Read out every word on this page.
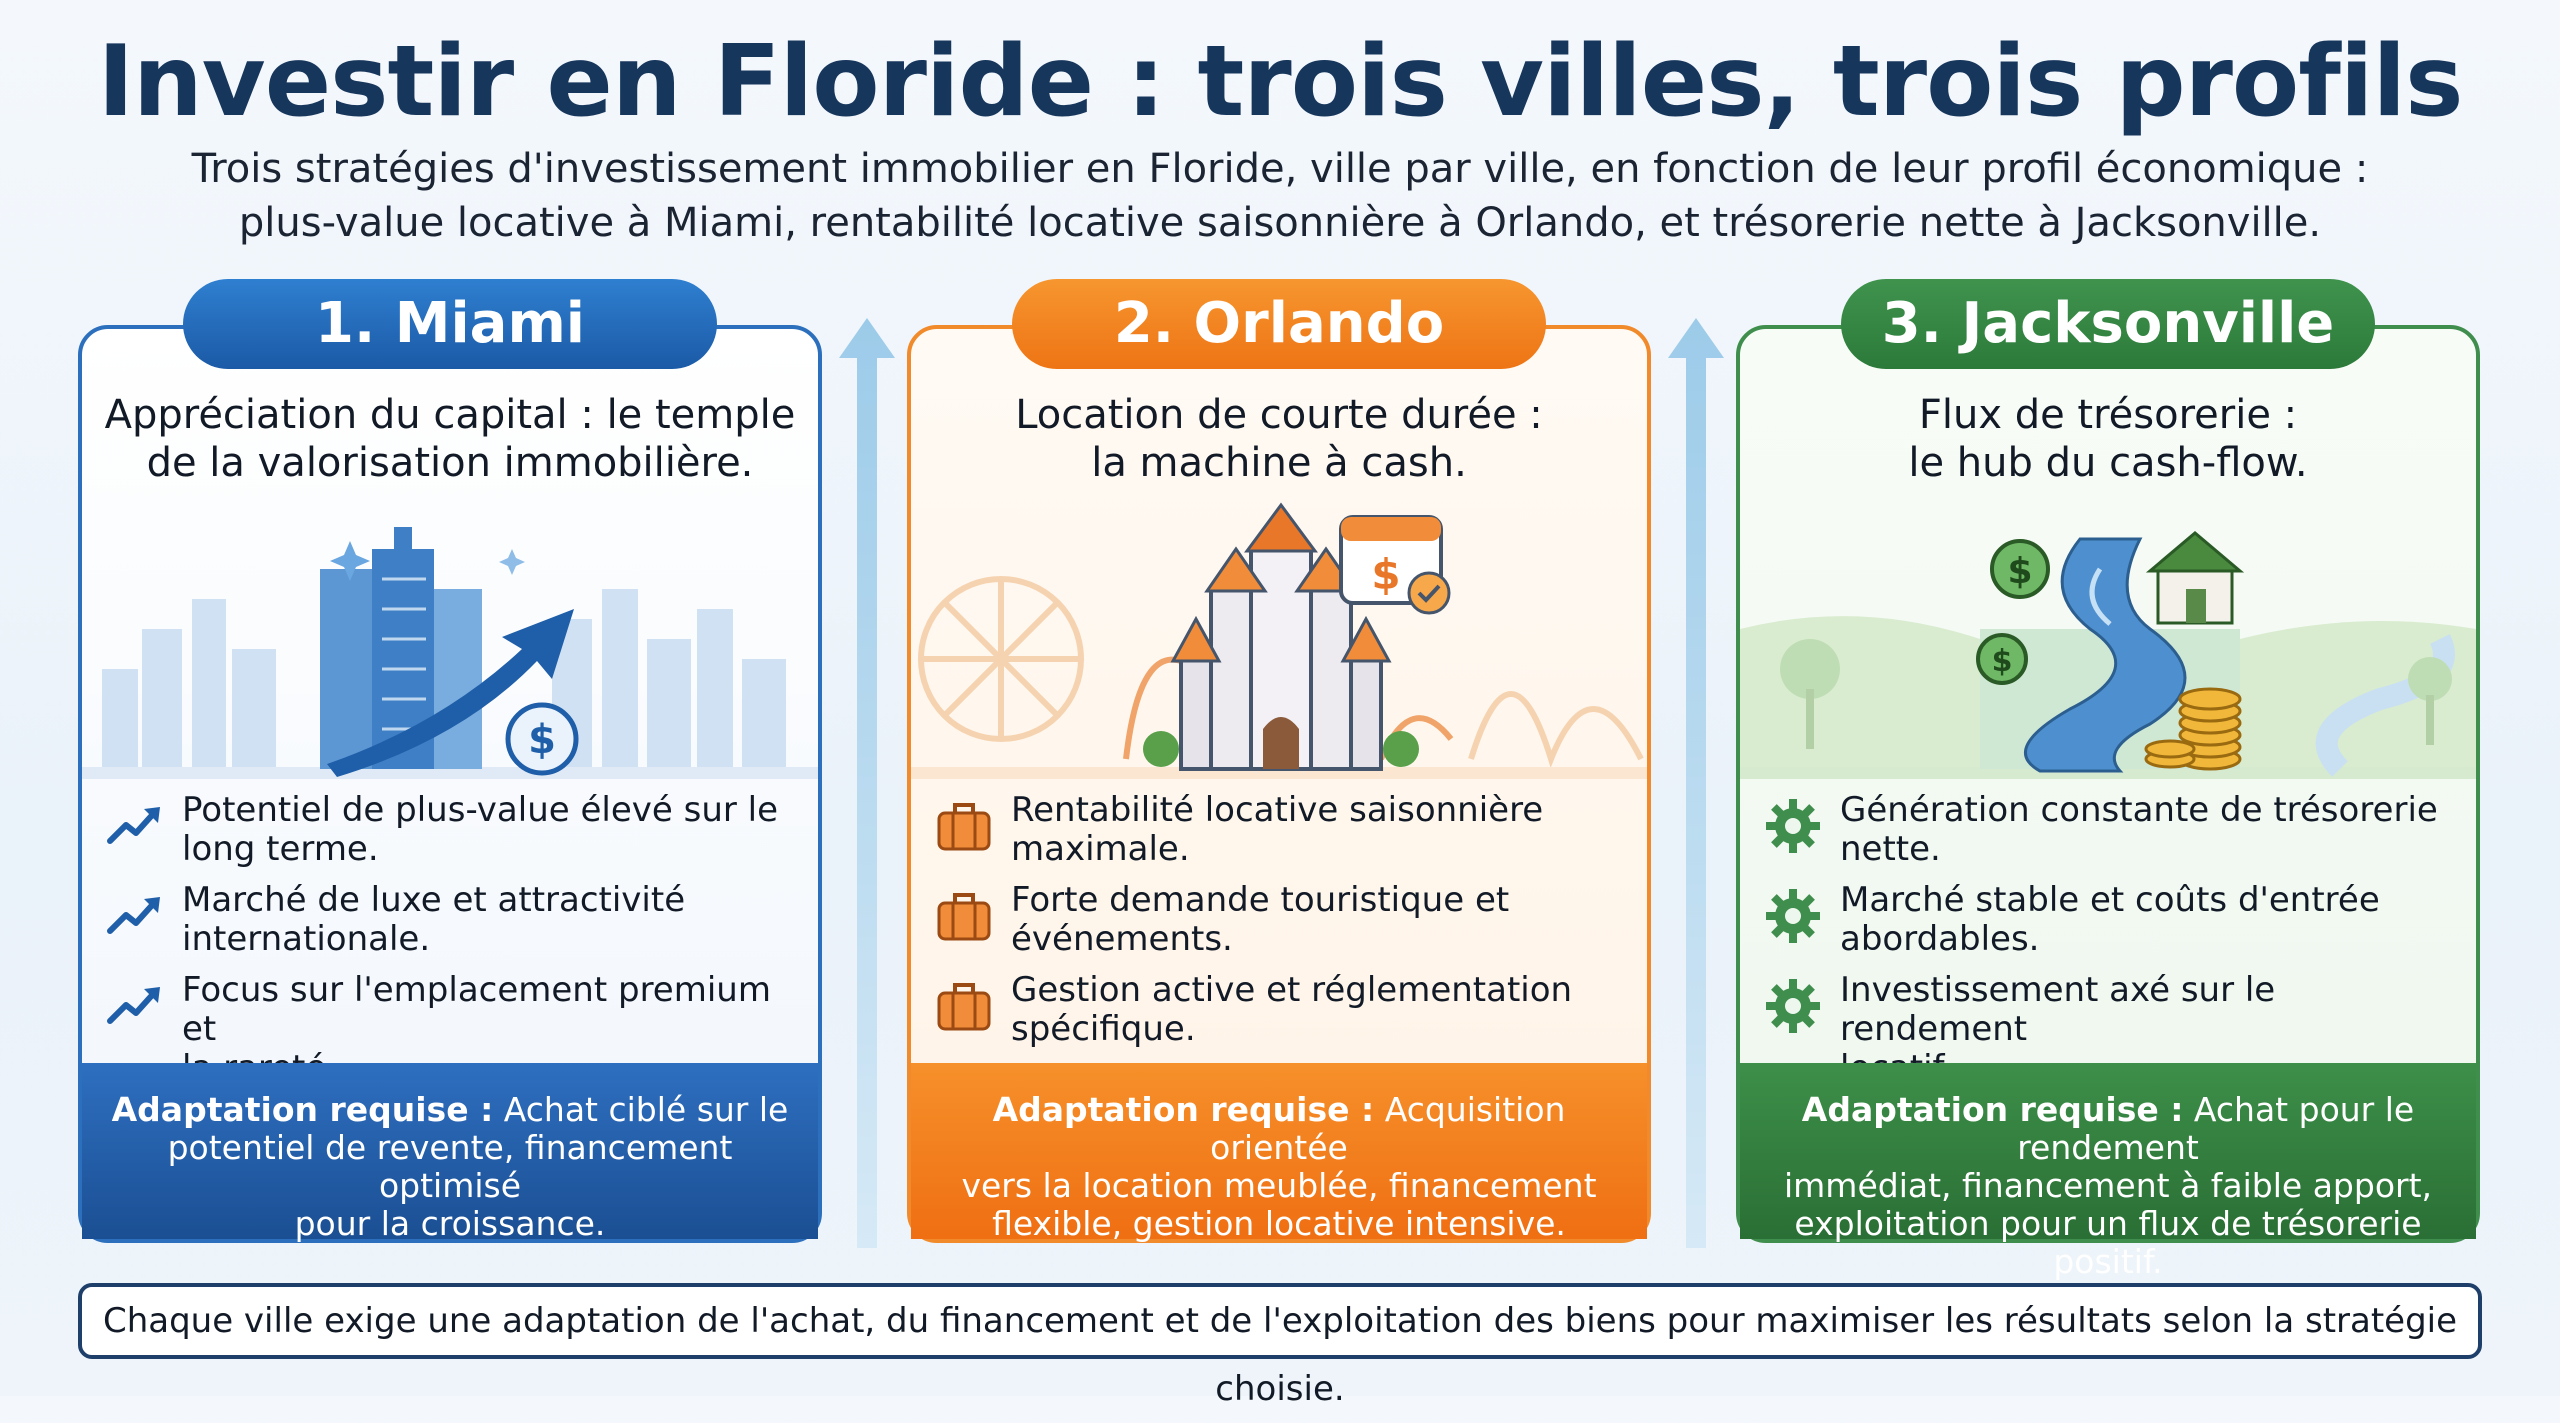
Investir en Floride : trois villes, trois profils
Trois stratégies d'investissement immobilier en Floride, ville par ville, en fonction de leur profil économique :
plus-value locative à Miami, rentabilité locative saisonnière à Orlando, et trésorerie nette à Jacksonville.
1. Miami
Appréciation du capital : le temple
de la valorisation immobilière.
$
Potentiel de plus-value élevé sur le
long terme.
Marché de luxe et attractivité
internationale.
Focus sur l'emplacement premium et
Adaptation requise : Achat ciblé sur le
potentiel de revente, financement optimisé
pour la croissance.
2. Orlando
Location de courte durée :
la machine à cash.
$
Rentabilité locative saisonnière
maximale.
Forte demande touristique et
événements.
Gestion active et réglementation
spécifique.
Adaptation requise : Acquisition orientée
vers la location meublée, financement
flexible, gestion locative intensive.
3. Jacksonville
Flux de trésorerie :
le hub du cash-flow.
$
$
Génération constante de trésorerie
nette.
Marché stable et coûts d'entrée
abordables.
Investissement axé sur le rendement
Adaptation requise : Achat pour le rendement
immédiat, financement à faible apport,
exploitation pour un flux de trésorerie positif.
Chaque ville exige une adaptation de l'achat, du financement et de l'exploitation des biens pour maximiser les résultats selon la stratégie choisie.
